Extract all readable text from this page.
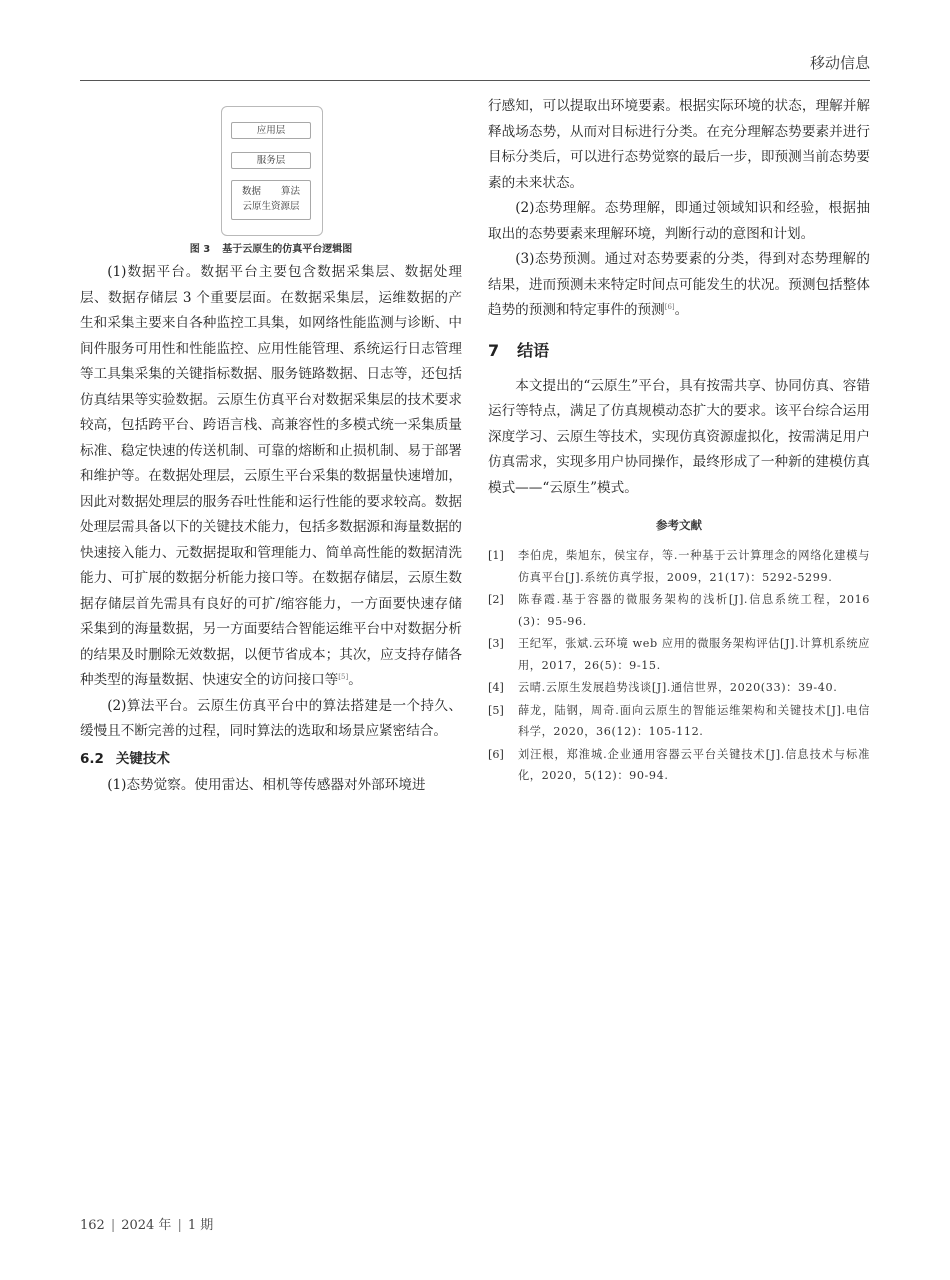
移动信息
应用层
服务层
数据 算法
云原生资源层
图 3 基于云原生的仿真平台逻辑图

(1)数据平台。数据平台主要包含数据采集层、数据处理层、数据存储层 3 个重要层面。在数据采集层，运维数据的产生和采集主要来自各种监控工具集，如网络性能监测与诊断、中间件服务可用性和性能监控、应用性能管理、系统运行日志管理等工具集采集的关键指标数据、服务链路数据、日志等，还包括仿真结果等实验数据。云原生仿真平台对数据采集层的技术要求较高，包括跨平台、跨语言栈、高兼容性的多模式统一采集质量标准、稳定快速的传送机制、可靠的熔断和止损机制、易于部署和维护等。在数据处理层，云原生平台采集的数据量快速增加，因此对数据处理层的服务吞吐性能和运行性能的要求较高。数据处理层需具备以下的关键技术能力，包括多数据源和海量数据的快速接入能力、元数据提取和管理能力、简单高性能的数据清洗能力、可扩展的数据分析能力接口等。在数据存储层，云原生数据存储层首先需具有良好的可扩/缩容能力，一方面要快速存储采集到的海量数据，另一方面要结合智能运维平台中对数据分析的结果及时删除无效数据，以便节省成本；其次，应支持存储各种类型的海量数据、快速安全的访问接口等[5]。

(2)算法平台。云原生仿真平台中的算法搭建是一个持久、缓慢且不断完善的过程，同时算法的选取和场景应紧密结合。

6.2 关键技术

(1)态势觉察。使用雷达、相机等传感器对外部环境进

行感知，可以提取出环境要素。根据实际环境的状态，理解并解释战场态势，从而对目标进行分类。在充分理解态势要素并进行目标分类后，可以进行态势觉察的最后一步，即预测当前态势要素的未来状态。

(2)态势理解。态势理解，即通过领域知识和经验，根据抽取出的态势要素来理解环境，判断行动的意图和计划。

(3)态势预测。通过对态势要素的分类，得到对态势理解的结果，进而预测未来特定时间点可能发生的状况。预测包括整体趋势的预测和特定事件的预测[6]。

7 结语

本文提出的“云原生”平台，具有按需共享、协同仿真、容错运行等特点，满足了仿真规模动态扩大的要求。该平台综合运用深度学习、云原生等技术，实现仿真资源虚拟化，按需满足用户仿真需求，实现多用户协同操作，最终形成了一种新的建模仿真模式——“云原生”模式。

参考文献
[1]	李伯虎，柴旭东，侯宝存，等.一种基于云计算理念的网络化建模与仿真平台[J].系统仿真学报，2009，21(17)：5292-5299.
[2]	陈春霞.基于容器的微服务架构的浅析[J].信息系统工程，2016(3)：95-96.
[3]	王纪军，张斌.云环境 web 应用的微服务架构评估[J].计算机系统应用，2017，26(5)：9-15.
[4]	云晴.云原生发展趋势浅谈[J].通信世界，2020(33)：39-40.
[5]	薛龙，陆钢，周奇.面向云原生的智能运维架构和关键技术[J].电信科学，2020，36(12)：105-112.
[6]	刘汪根，郑淮城.企业通用容器云平台关键技术[J].信息技术与标准化，2020，5(12)：90-94.
162 | 2024 年 | 1 期
